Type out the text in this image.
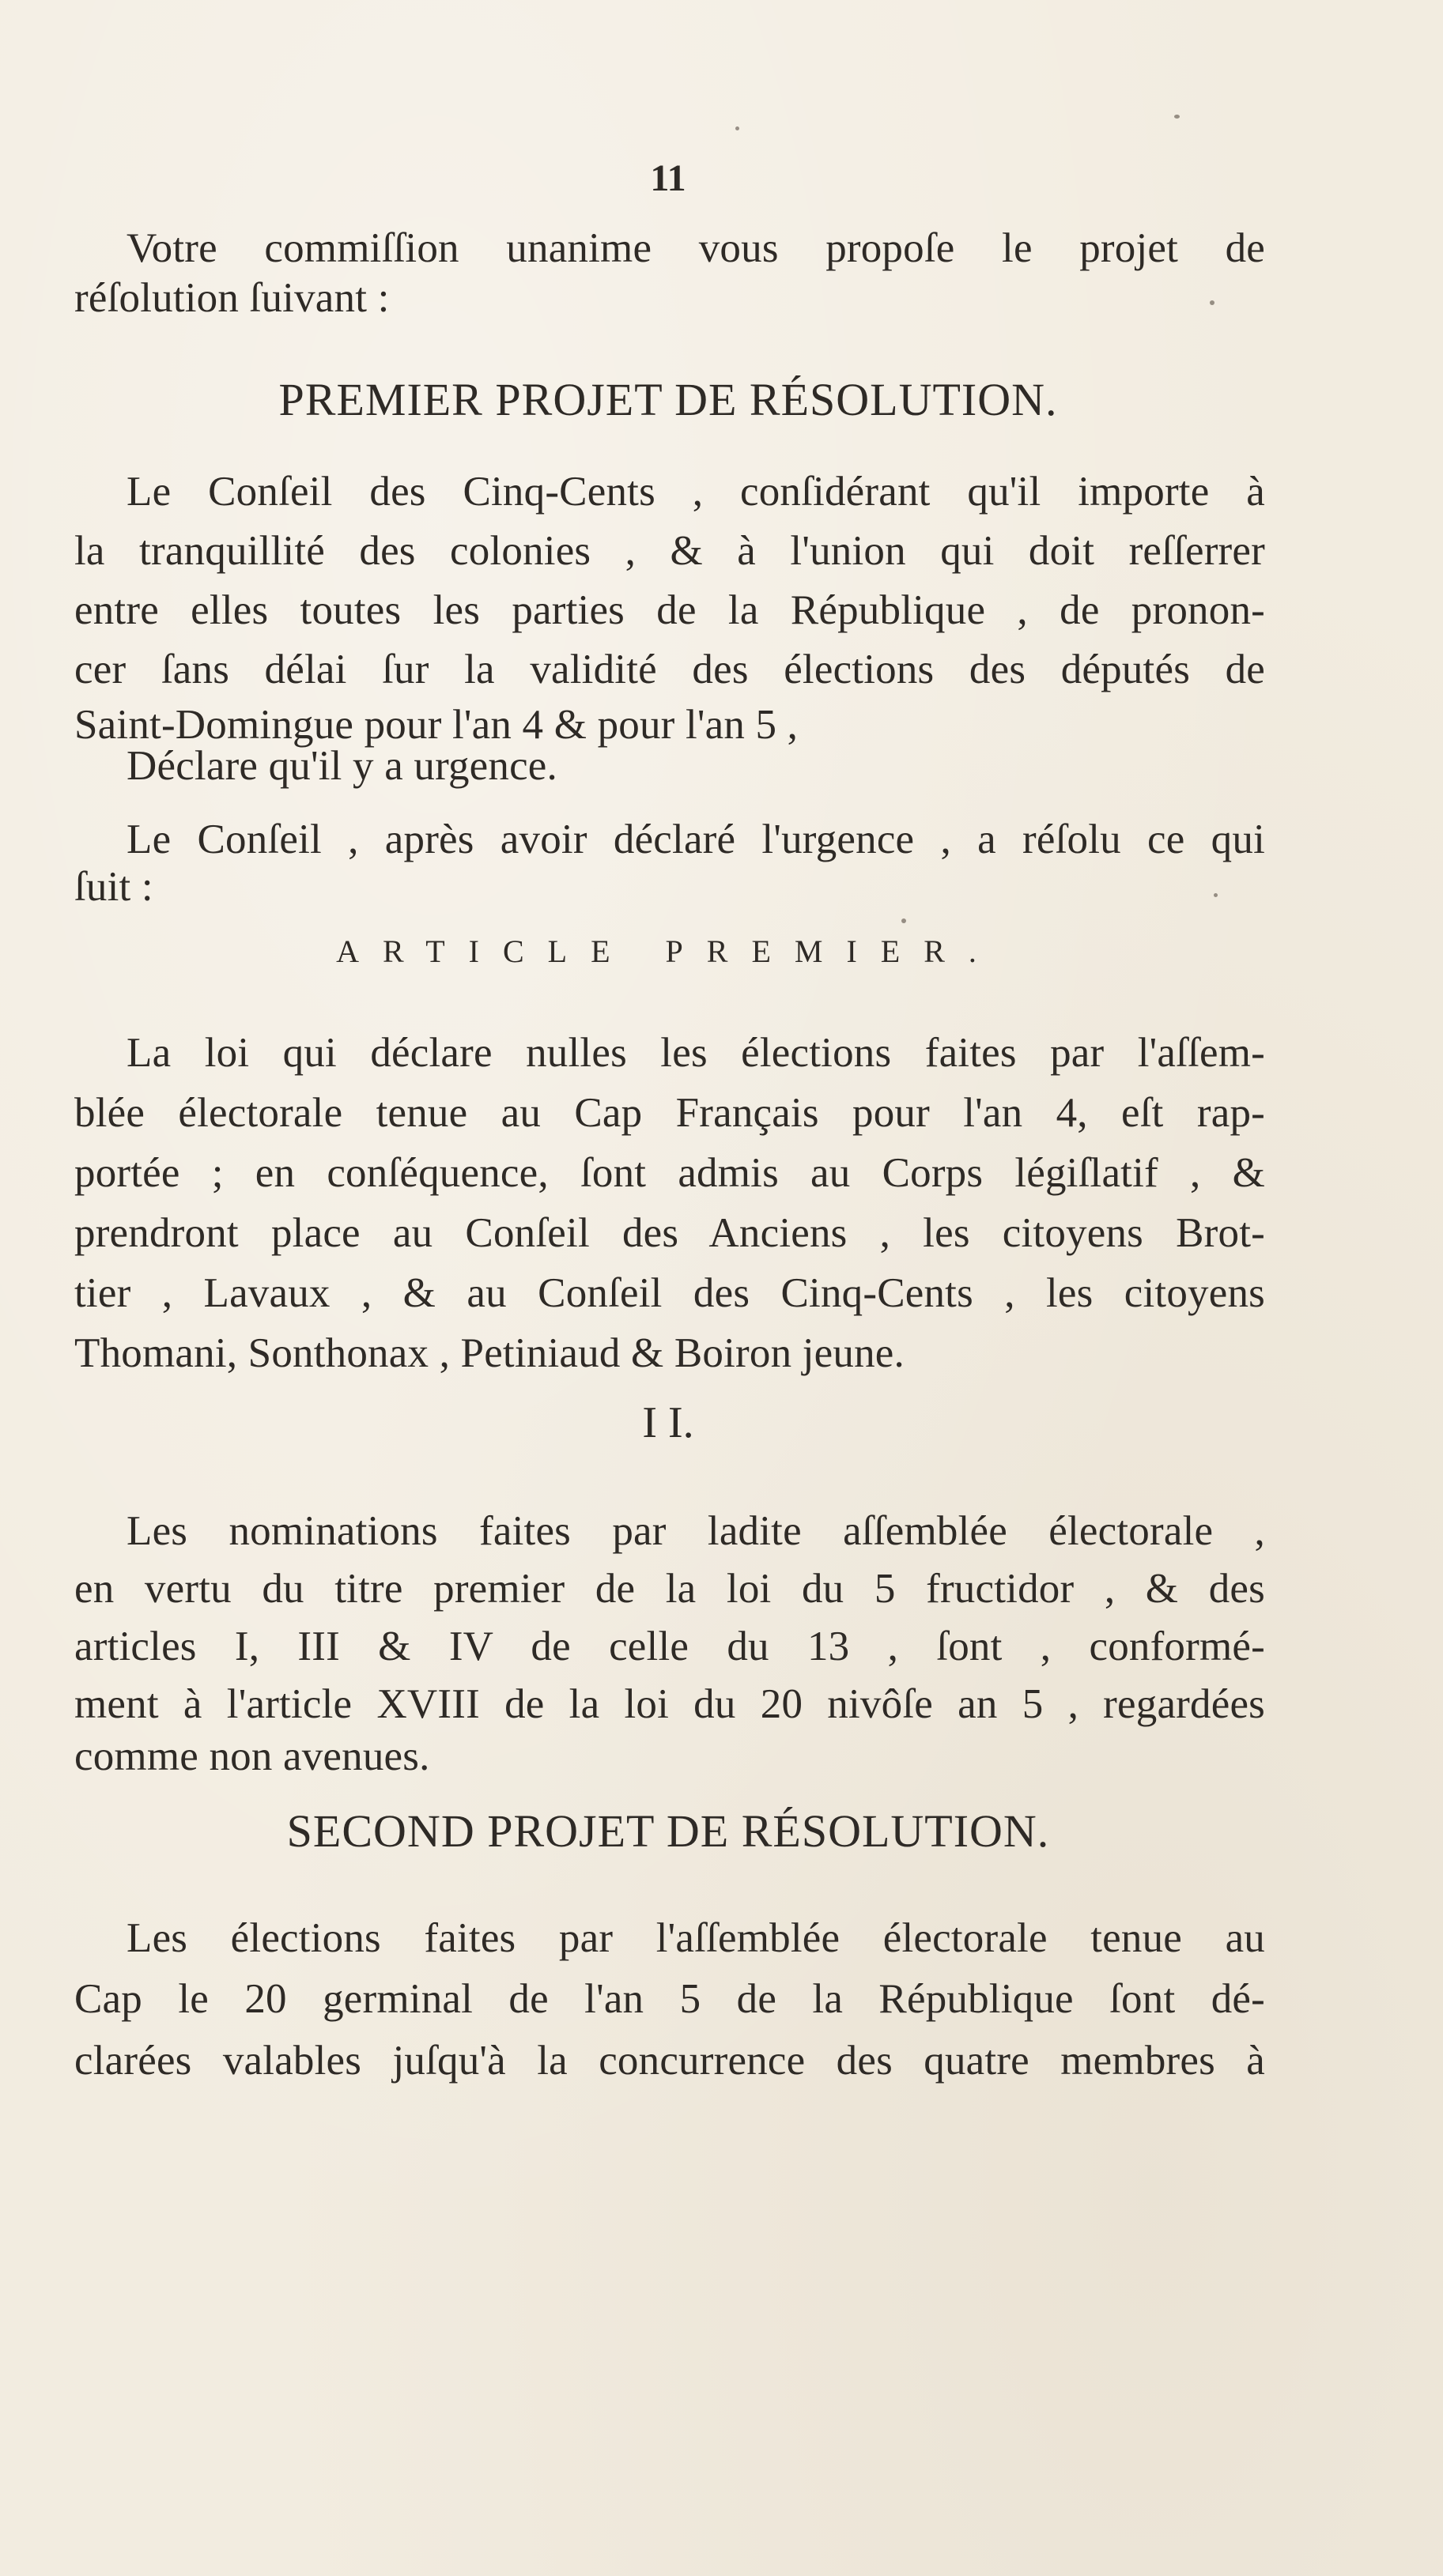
11
Votre commiſſion unanime vous propoſe le projet de
réſolution ſuivant :
PREMIER PROJET DE RÉSOLUTION.
Le Conſeil des Cinq-Cents , conſidérant qu'il importe à
la tranquillité des colonies , & à l'union qui doit reſſerrer
entre elles toutes les parties de la République , de pronon-
cer ſans délai ſur la validité des élections des députés de
Saint-Domingue pour l'an 4 & pour l'an 5 ,
Déclare qu'il y a urgence.
Le Conſeil , après avoir déclaré l'urgence , a réſolu ce qui
ſuit :
ARTICLE PREMIER.
La loi qui déclare nulles les élections faites par l'aſſem-
blée électorale tenue au Cap Français pour l'an 4, eſt rap-
portée ; en conſéquence, ſont admis au Corps légiſlatif , &
prendront place au Conſeil des Anciens , les citoyens Brot-
tier , Lavaux , & au Conſeil des Cinq-Cents , les citoyens
Thomani, Sonthonax , Petiniaud & Boiron jeune.
I I.
Les nominations faites par ladite aſſemblée électorale ,
en vertu du titre premier de la loi du 5 fructidor , & des
articles I, III & IV de celle du 13 , ſont , conformé-
ment à l'article XVIII de la loi du 20 nivôſe an 5 , regardées
comme non avenues.
SECOND PROJET DE RÉSOLUTION.
Les élections faites par l'aſſemblée électorale tenue au
Cap le 20 germinal de l'an 5 de la République ſont dé-
clarées valables juſqu'à la concurrence des quatre membres à
